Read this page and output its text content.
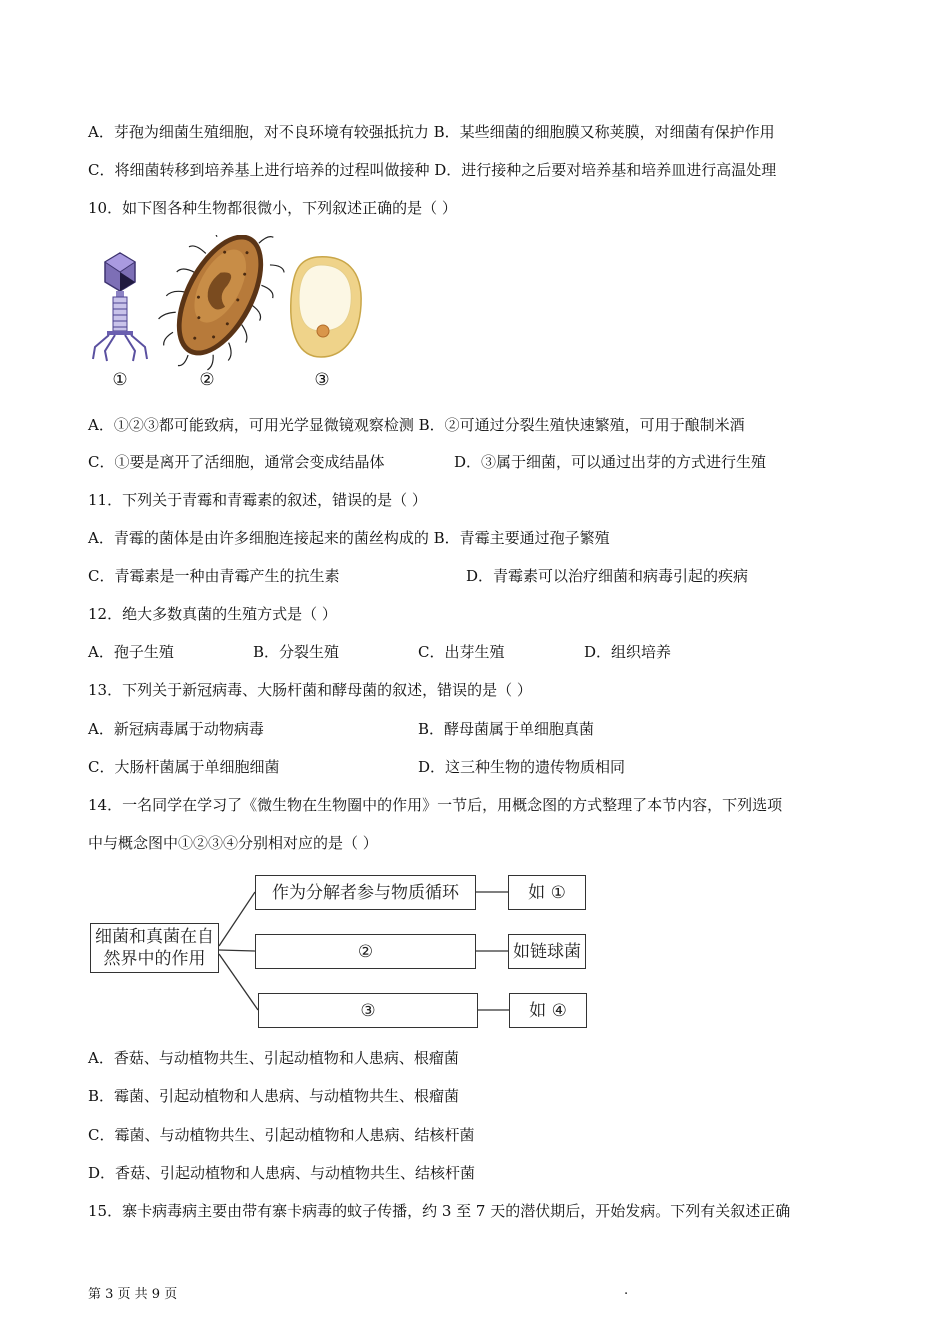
A．芽孢为细菌生殖细胞，对不良环境有较强抵抗力 B．某些细菌的细胞膜又称荚膜，对细菌有保护作用
C．将细菌转移到培养基上进行培养的过程叫做接种 D．进行接种之后要对培养基和培养皿进行高温处理
10．如下图各种生物都很微小，下列叙述正确的是（ ）
①	②	③
A．①②③都可能致病，可用光学显微镜观察检测 B．②可通过分裂生殖快速繁殖，可用于酿制米酒
C．①要是离开了活细胞，通常会变成结晶体	D．③属于细菌，可以通过出芽的方式进行生殖
11．下列关于青霉和青霉素的叙述，错误的是（ ）
A．青霉的菌体是由许多细胞连接起来的菌丝构成的 B．青霉主要通过孢子繁殖
C．青霉素是一种由青霉产生的抗生素	D．青霉素可以治疗细菌和病毒引起的疾病
12．绝大多数真菌的生殖方式是（ ）
A．孢子生殖	B．分裂生殖	C．出芽生殖	D．组织培养
13．下列关于新冠病毒、大肠杆菌和酵母菌的叙述，错误的是（ ）
A．新冠病毒属于动物病毒	B．酵母菌属于单细胞真菌
C．大肠杆菌属于单细胞细菌	D．这三种生物的遗传物质相同
14．一名同学在学习了《微生物在生物圈中的作用》一节后，用概念图的方式整理了本节内容，下列选项
中与概念图中①②③④分别相对应的是（ ）
细菌和真菌在自然界中的作用
作为分解者参与物质循环
②
③
如 ①
如链球菌
如 ④
A．香菇、与动植物共生、引起动植物和人患病、根瘤菌
B．霉菌、引起动植物和人患病、与动植物共生、根瘤菌
C．霉菌、与动植物共生、引起动植物和人患病、结核杆菌
D．香菇、引起动植物和人患病、与动植物共生、结核杆菌
15．寨卡病毒病主要由带有寨卡病毒的蚊子传播，约 3 至 7 天的潜伏期后，开始发病。下列有关叙述正确
第 3 页 共 9 页	.
